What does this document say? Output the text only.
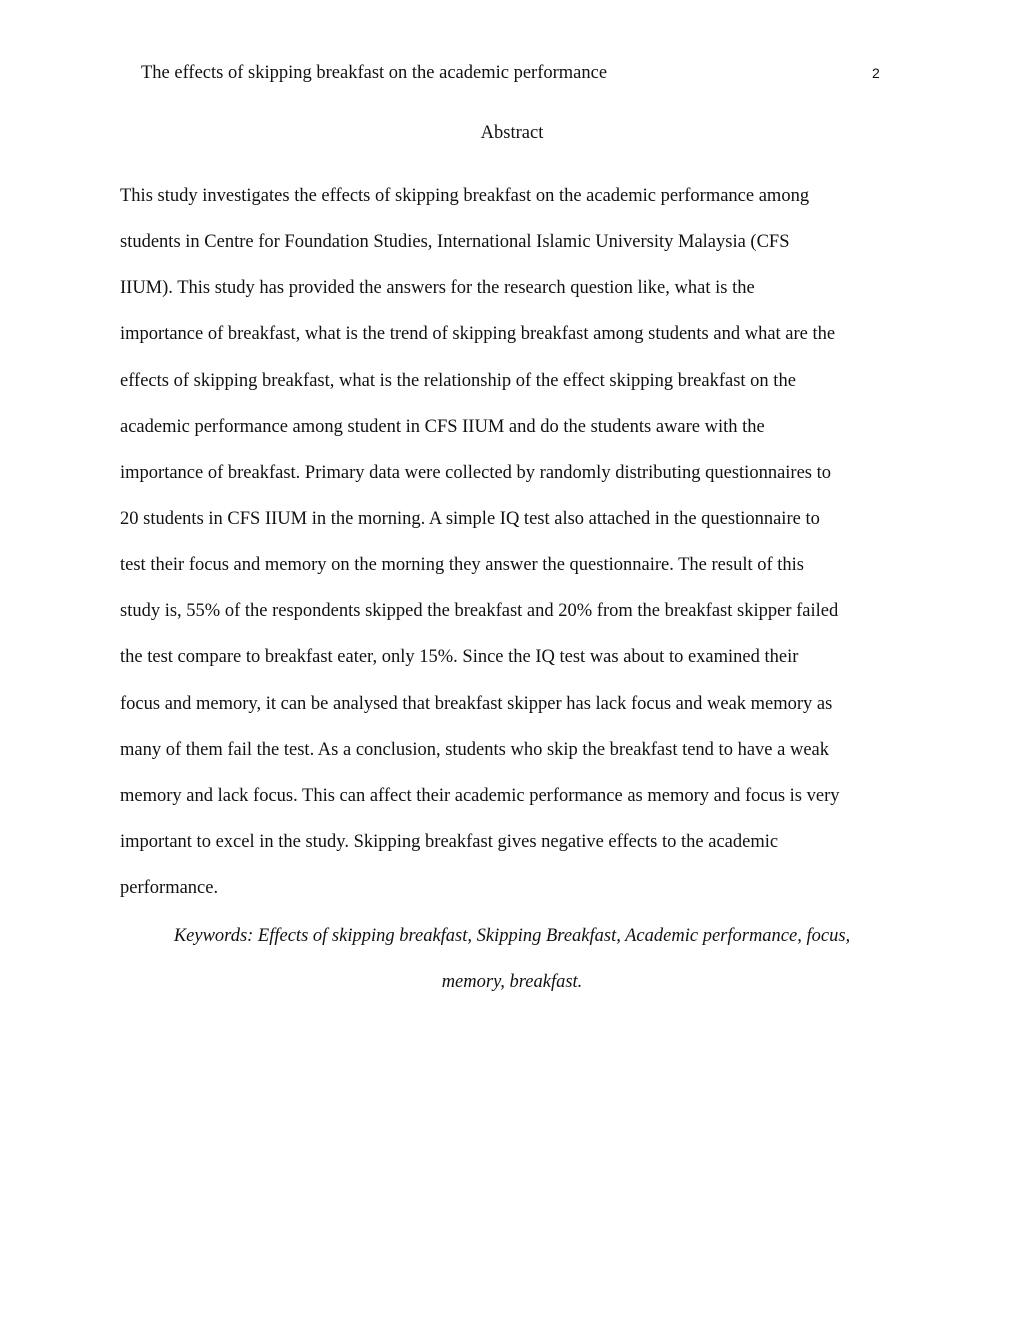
The effects of skipping breakfast on the academic performance	2
Abstract
This study investigates the effects of skipping breakfast on the academic performance among
students in Centre for Foundation Studies, International Islamic University Malaysia (CFS
IIUM). This study has provided the answers for the research question like, what is the
importance of breakfast, what is the trend of skipping breakfast among students and what are the
effects of skipping breakfast, what is the relationship of the effect skipping breakfast on the
academic performance among student in CFS IIUM and do the students aware with the
importance of breakfast. Primary data were collected by randomly distributing questionnaires to
20 students in CFS IIUM in the morning. A simple IQ test also attached in the questionnaire to
test their focus and memory on the morning they answer the questionnaire. The result of this
study is, 55% of the respondents skipped the breakfast and 20% from the breakfast skipper failed
the test compare to breakfast eater, only 15%. Since the IQ test was about to examined their
focus and memory, it can be analysed that breakfast skipper has lack focus and weak memory as
many of them fail the test. As a conclusion, students who skip the breakfast tend to have a weak
memory and lack focus. This can affect their academic performance as memory and focus is very
important to excel in the study. Skipping breakfast gives negative effects to the academic
performance.
Keywords: Effects of skipping breakfast, Skipping Breakfast, Academic performance, focus,
memory, breakfast.
